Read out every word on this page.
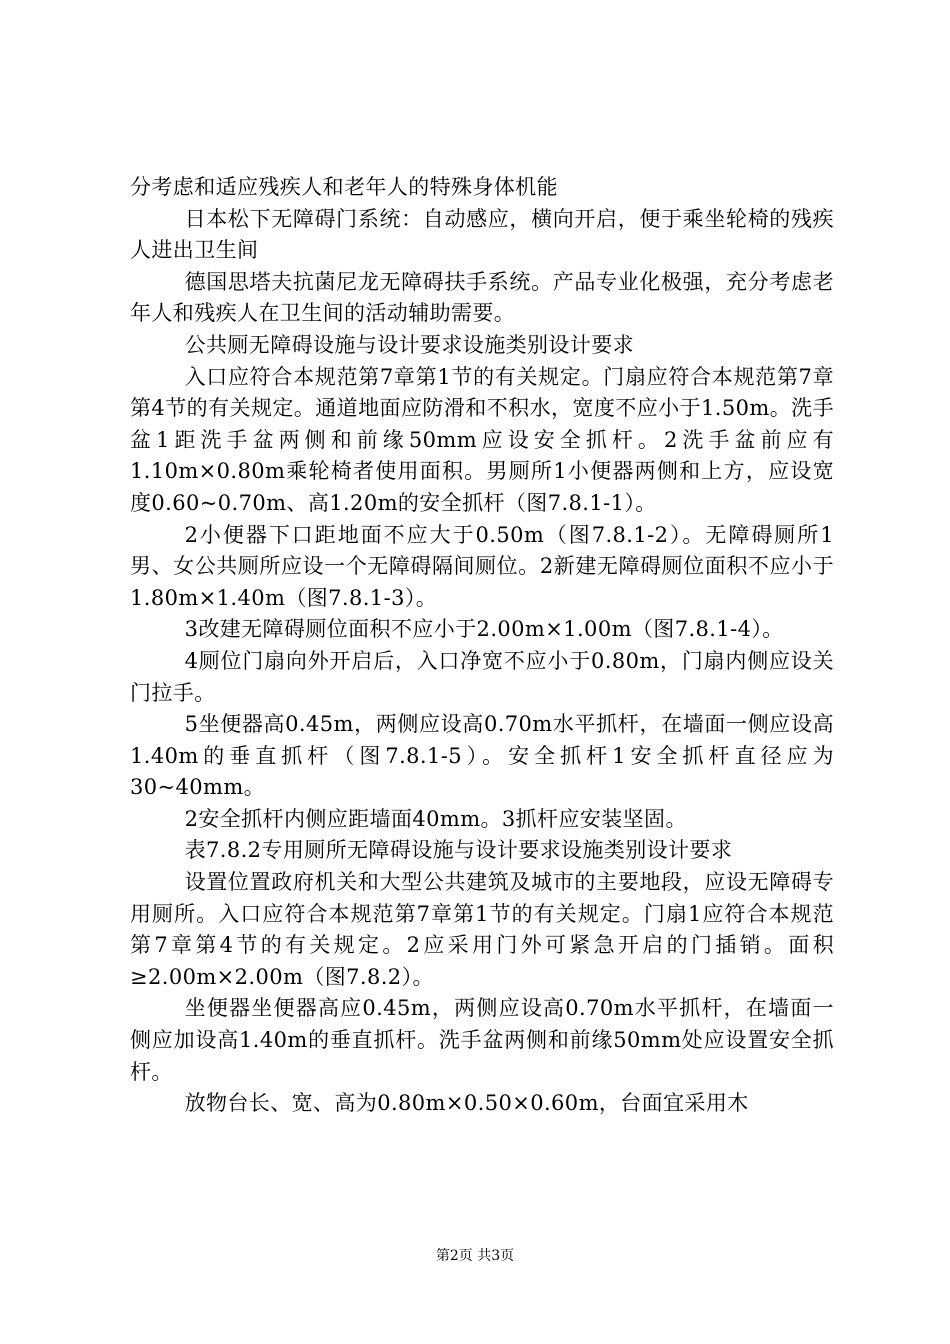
分考虑和适应残疾人和老年人的特殊身体机能

日本松下无障碍门系统：自动感应，横向开启，便于乘坐轮椅的残疾人进出卫生间

德国思塔夫抗菌尼龙无障碍扶手系统。产品专业化极强，充分考虑老年人和残疾人在卫生间的活动辅助需要。

公共厕无障碍设施与设计要求设施类别设计要求

入口应符合本规范第7章第1节的有关规定。门扇应符合本规范第7章第4节的有关规定。通道地面应防滑和不积水，宽度不应小于1.50m。洗手盆1距洗手盆两侧和前缘50mm应设安全抓杆。2洗手盆前应有1.10m×0.80m乘轮椅者使用面积。男厕所1小便器两侧和上方，应设宽度0.60~0.70m、高1.20m的安全抓杆（图7.8.1-1）。

2小便器下口距地面不应大于0.50m（图7.8.1-2）。无障碍厕所1男、女公共厕所应设一个无障碍隔间厕位。2新建无障碍厕位面积不应小于1.80m×1.40m（图7.8.1-3）。

3改建无障碍厕位面积不应小于2.00m×1.00m（图7.8.1-4）。

4厕位门扇向外开启后，入口净宽不应小于0.80m，门扇内侧应设关门拉手。

5坐便器高0.45m，两侧应设高0.70m水平抓杆，在墙面一侧应设高1.40m的垂直抓杆（图7.8.1-5）。安全抓杆1安全抓杆直径应为30~40mm。

2安全抓杆内侧应距墙面40mm。3抓杆应安装坚固。

表7.8.2专用厕所无障碍设施与设计要求设施类别设计要求

设置位置政府机关和大型公共建筑及城市的主要地段，应设无障碍专用厕所。入口应符合本规范第7章第1节的有关规定。门扇1应符合本规范第7章第4节的有关规定。2应采用门外可紧急开启的门插销。面积≥2.00m×2.00m（图7.8.2）。

坐便器坐便器高应0.45m，两侧应设高0.70m水平抓杆，在墙面一侧应加设高1.40m的垂直抓杆。洗手盆两侧和前缘50mm处应设置安全抓杆。

放物台长、宽、高为0.80m×0.50×0.60m，台面宜采用木

第2页 共3页
